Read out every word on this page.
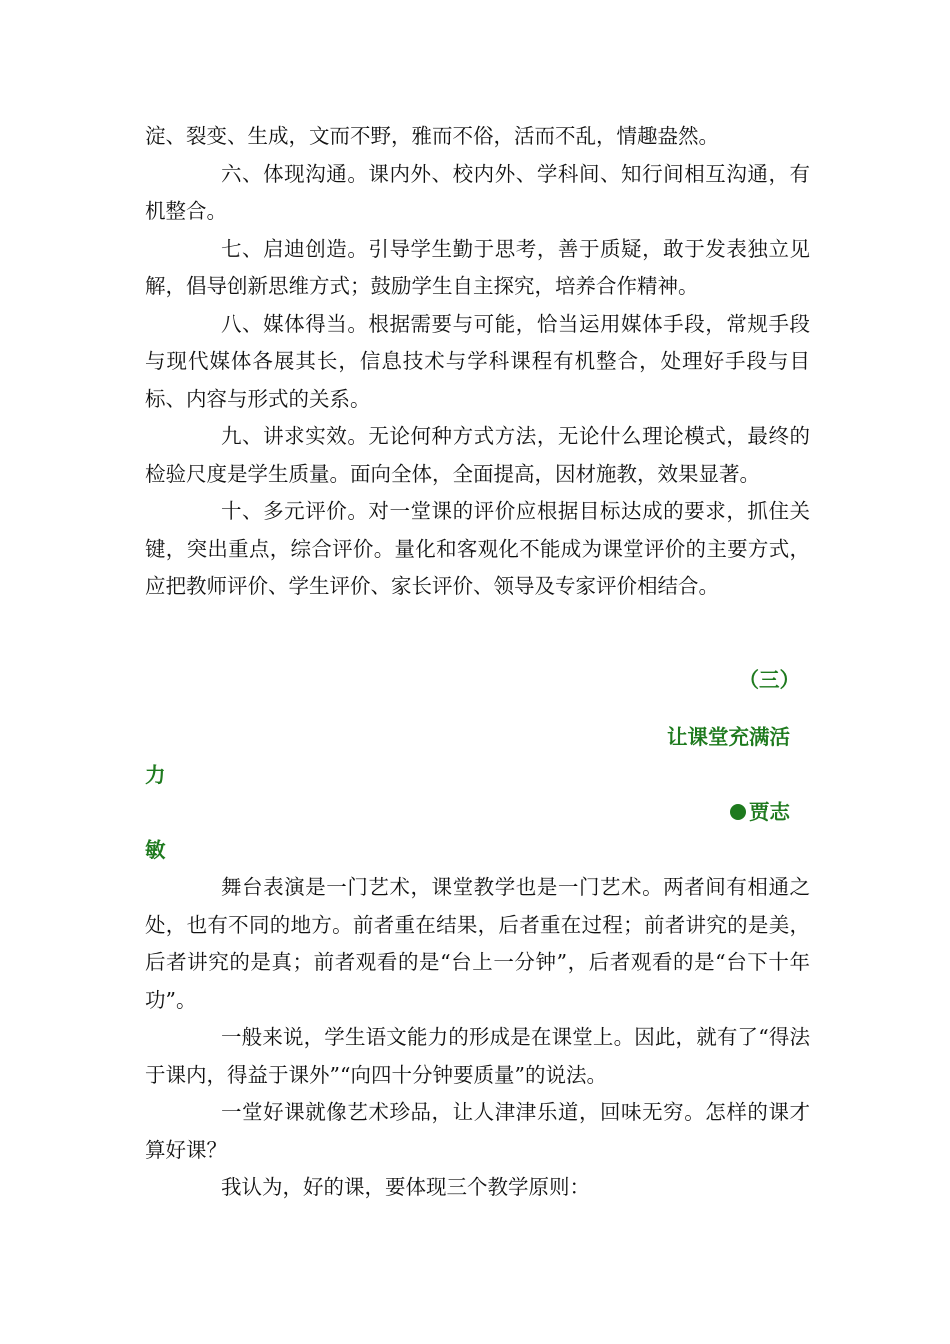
淀、裂变、生成，文而不野，雅而不俗，活而不乱，情趣盎然。

六、体现沟通。课内外、校内外、学科间、知行间相互沟通，有机整合。

七、启迪创造。引导学生勤于思考，善于质疑，敢于发表独立见解，倡导创新思维方式；鼓励学生自主探究，培养合作精神。

八、媒体得当。根据需要与可能，恰当运用媒体手段，常规手段与现代媒体各展其长，信息技术与学科课程有机整合，处理好手段与目标、内容与形式的关系。

九、讲求实效。无论何种方式方法，无论什么理论模式，最终的检验尺度是学生质量。面向全体，全面提高，因材施教，效果显著。

十、多元评价。对一堂课的评价应根据目标达成的要求，抓住关键，突出重点，综合评价。量化和客观化不能成为课堂评价的主要方式，应把教师评价、学生评价、家长评价、领导及专家评价相结合。

（三）

让课堂充满活

力

贾志

敏

舞台表演是一门艺术，课堂教学也是一门艺术。两者间有相通之处，也有不同的地方。前者重在结果，后者重在过程；前者讲究的是美，后者讲究的是真；前者观看的是“台上一分钟”，后者观看的是“台下十年功”。

一般来说，学生语文能力的形成是在课堂上。因此，就有了“得法于课内，得益于课外”“向四十分钟要质量”的说法。

一堂好课就像艺术珍品，让人津津乐道，回味无穷。怎样的课才算好课？

我认为，好的课，要体现三个教学原则：
